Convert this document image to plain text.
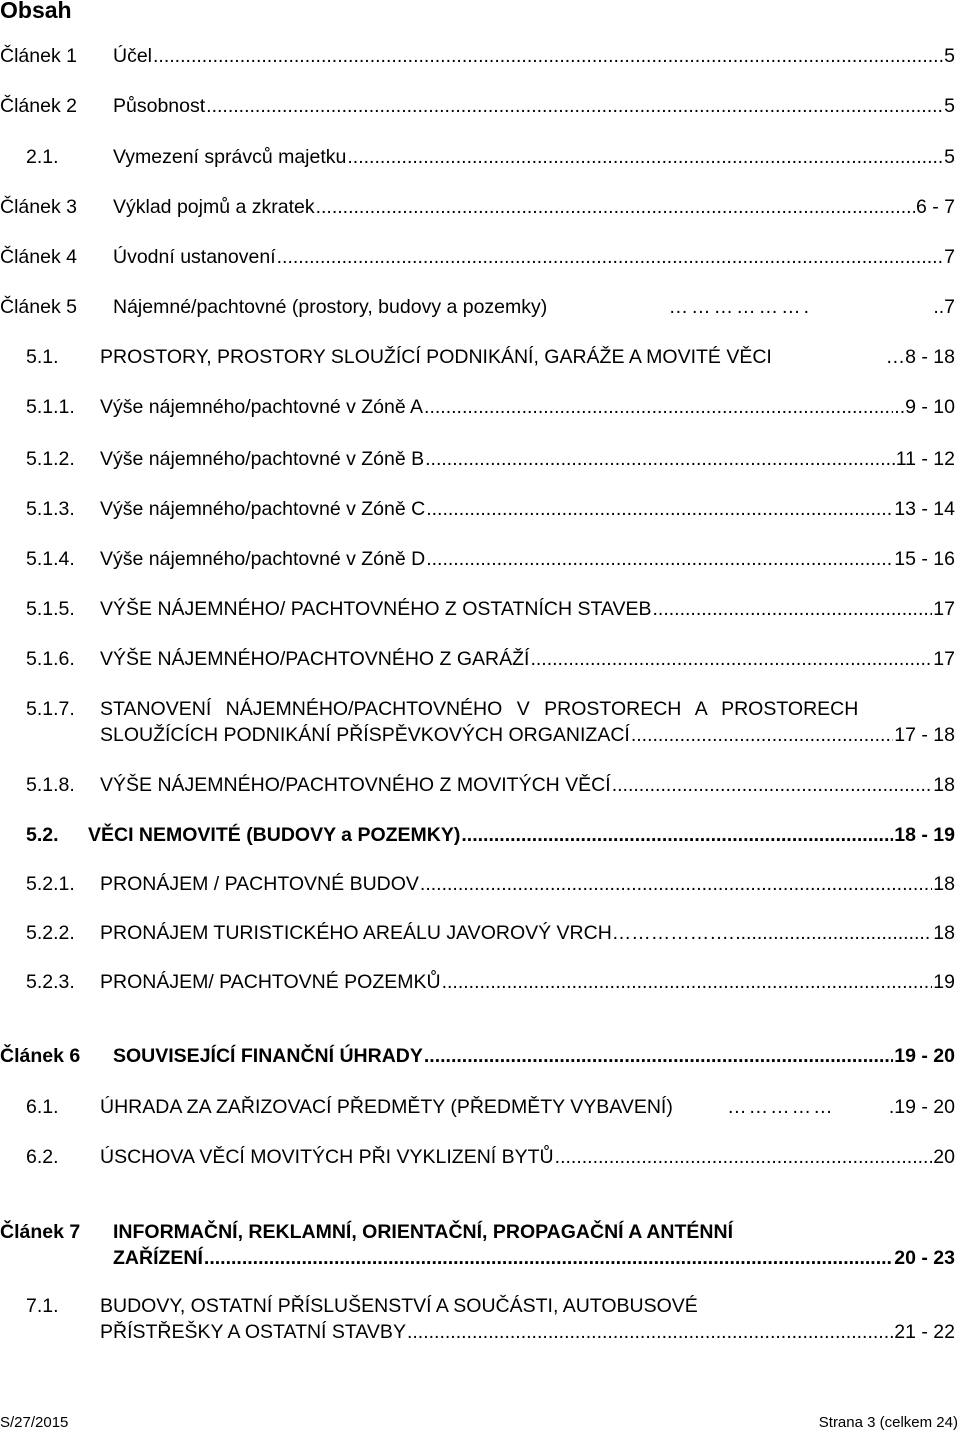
Obsah
Článek 1 Účel .....	5
Článek 2 Působnost .....	5
2.1.	Vymezení správců majetku .....	5
Článek 3 Výklad pojmů a zkratek .....	6 - 7
Článek 4 Úvodní ustanovení .....	7
Článek 5 Nájemné/pachtovné (prostory, budovy a pozemky)	……………….	..7
5.1. PROSTORY, PROSTORY SLOUŽÍCÍ PODNIKÁNÍ, GARÁŽE A MOVITÉ VĚCI	…8 - 18
5.1.1. Výše nájemného/pachtovné v Zóně A .....	..9 - 10
5.1.2. Výše nájemného/pachtovné v Zóně B .....	11 - 12
5.1.3. Výše nájemného/pachtovné v Zóně C .....	13 - 14
5.1.4. Výše nájemného/pachtovné v Zóně D .....	15 - 16
5.1.5. VÝŠE NÁJEMNÉHO/ PACHTOVNÉHO Z OSTATNÍCH STAVEB .....	17
5.1.6. VÝŠE NÁJEMNÉHO/PACHTOVNÉHO Z GARÁŽÍ .....	17
5.1.7. STANOVENÍ NÁJEMNÉHO/PACHTOVNÉHO V PROSTORECH A PROSTORECH
SLOUŽÍCÍCH PODNIKÁNÍ PŘÍSPĚVKOVÝCH ORGANIZACÍ .....	17 - 18
5.1.8. VÝŠE NÁJEMNÉHO/PACHTOVNÉHO Z MOVITÝCH VĚCÍ .....	18
5.2. VĚCI NEMOVITÉ (BUDOVY a POZEMKY) .....	18 - 19
5.2.1. PRONÁJEM / PACHTOVNÉ BUDOV .....	18
5.2.2. PRONÁJEM TURISTICKÉHO AREÁLU JAVOROVÝ VRCH………………. .....	18
5.2.3. PRONÁJEM/ PACHTOVNÉ POZEMKŮ .....	19
Článek 6 SOUVISEJÍCÍ FINANČNÍ ÚHRADY .....	19 - 20
6.1. ÚHRADA ZA ZAŘIZOVACÍ PŘEDMĚTY (PŘEDMĚTY VYBAVENÍ)	……………	.19 - 20
6.2. ÚSCHOVA VĚCÍ MOVITÝCH PŘI VYKLIZENÍ BYTŮ .....	20
Článek 7 INFORMAČNÍ, REKLAMNÍ, ORIENTAČNÍ, PROPAGAČNÍ A ANTÉNNÍ
ZAŘÍZENÍ .....	20 - 23
7.1. BUDOVY, OSTATNÍ PŘÍSLUŠENSTVÍ A SOUČÁSTI, AUTOBUSOVÉ
PŘÍSTŘEŠKY A OSTATNÍ STAVBY .....	21 - 22
S/27/2015	Strana 3 (celkem 24)
